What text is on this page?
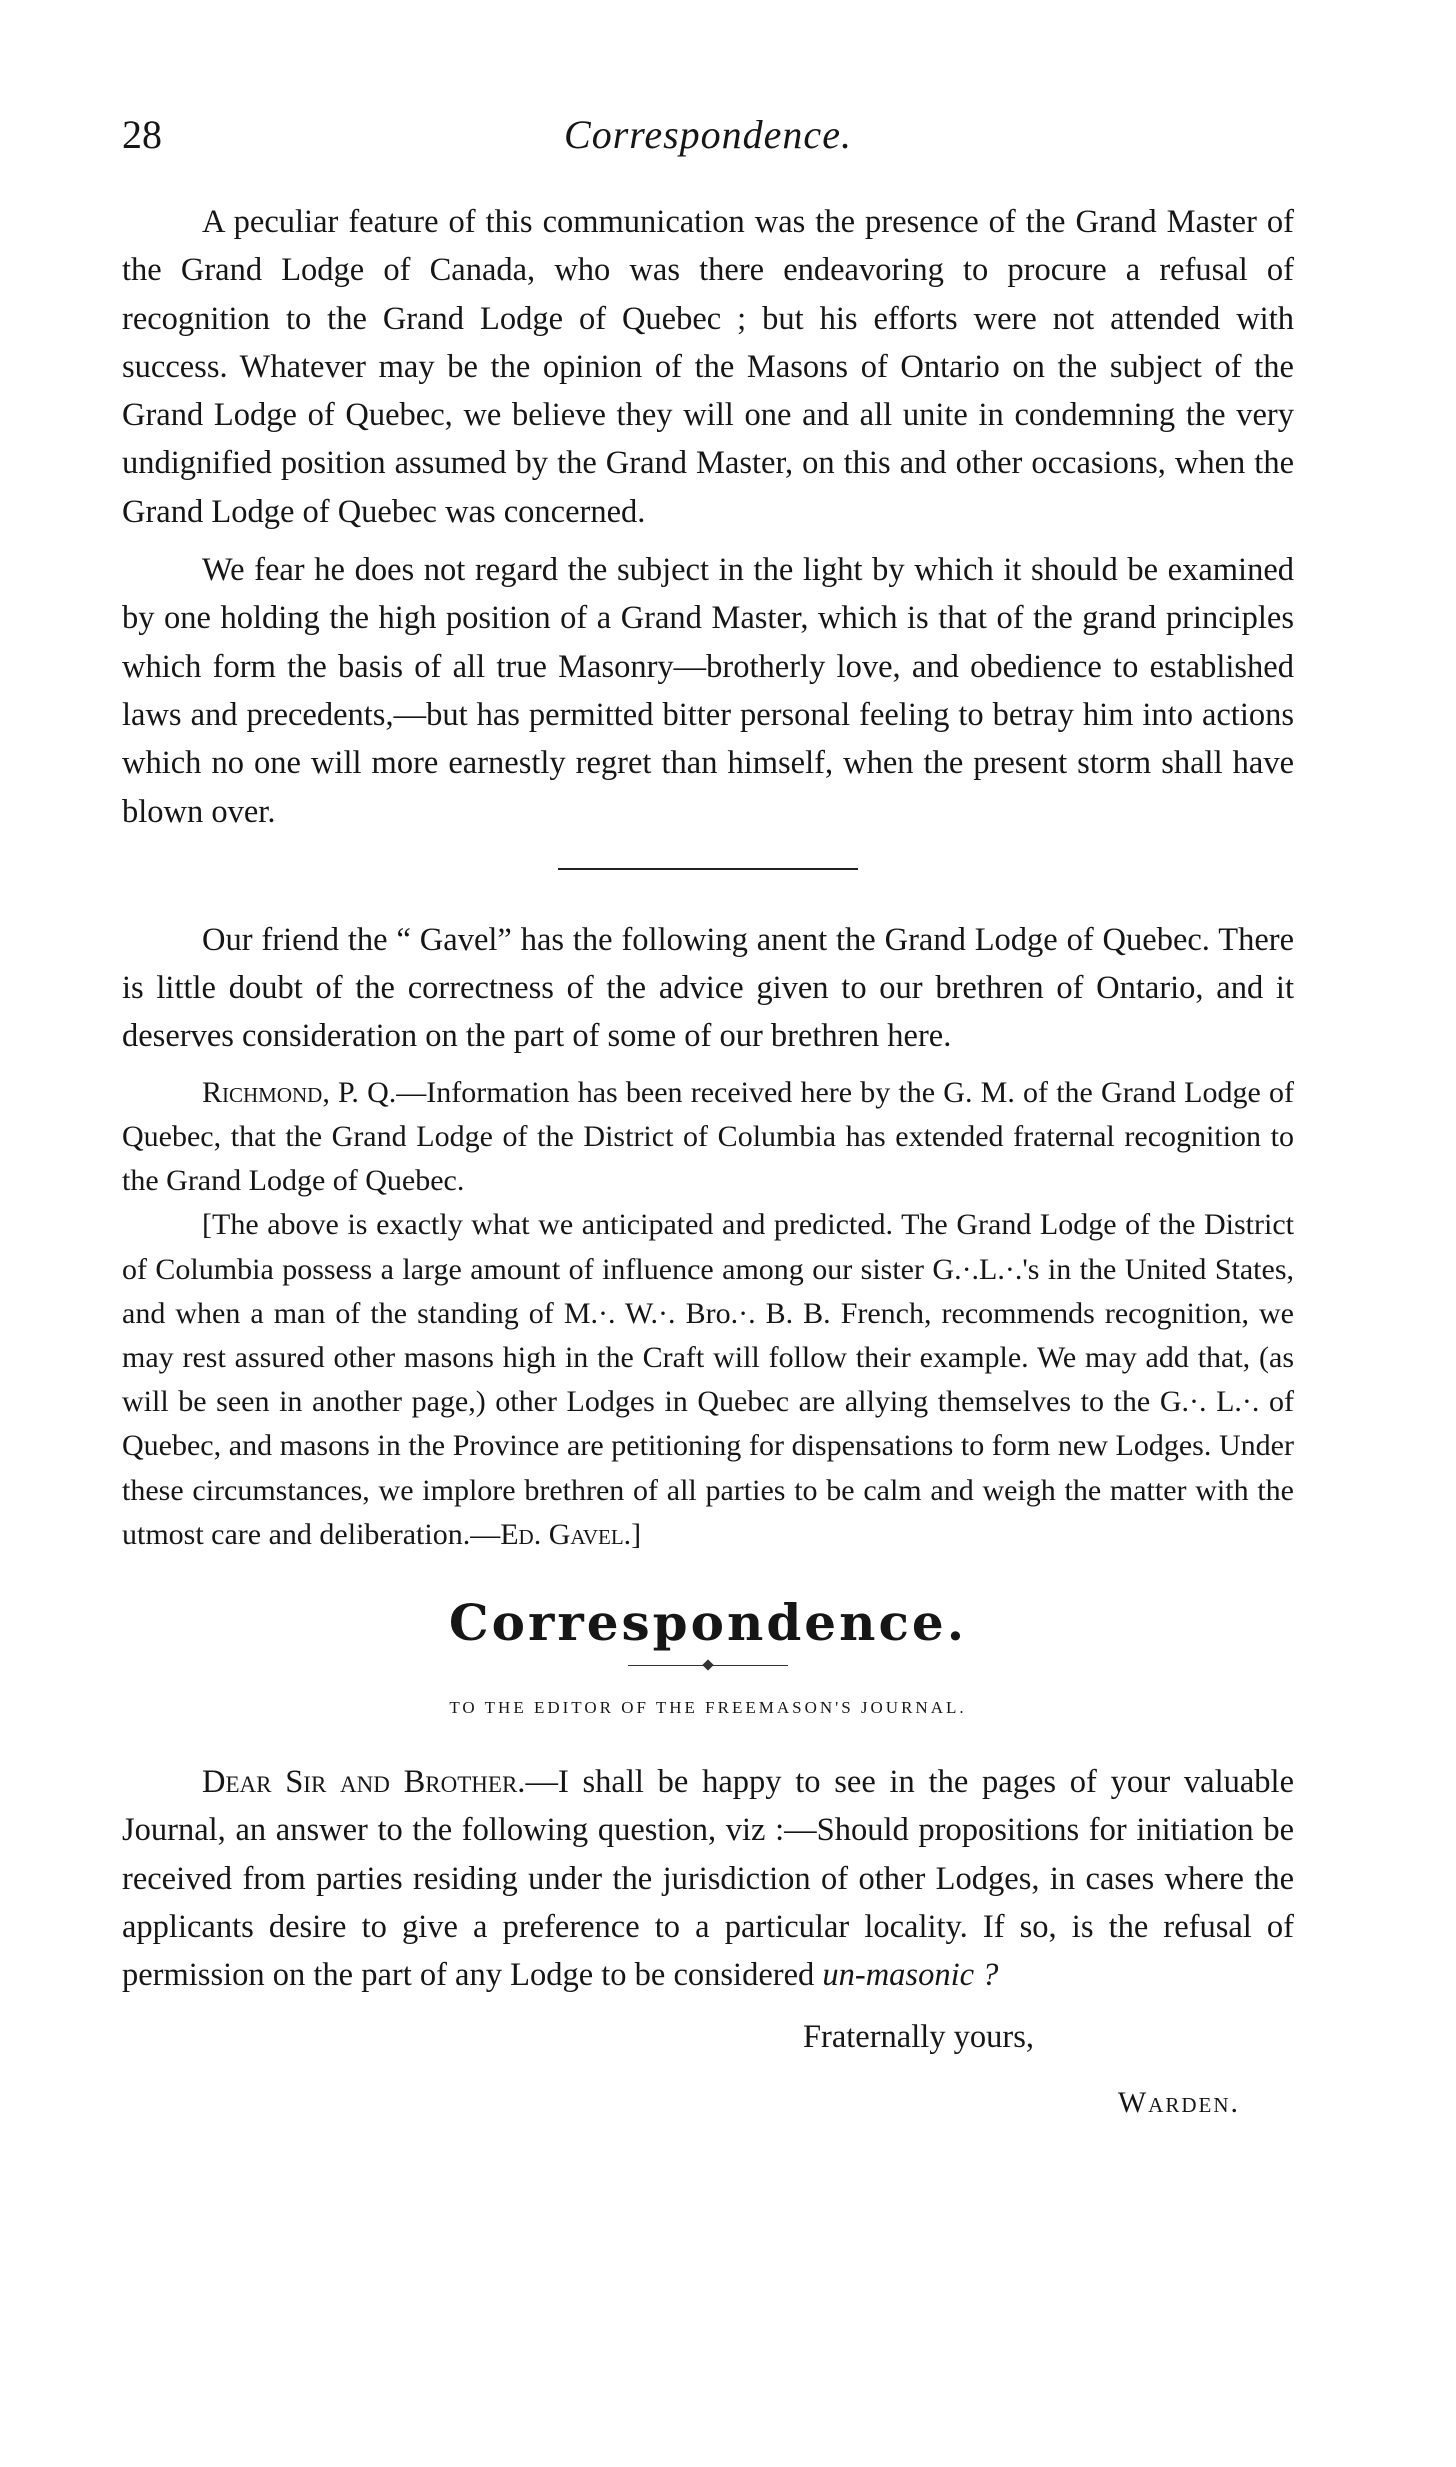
28	Correspondence.

A peculiar feature of this communication was the presence of the Grand Master of the Grand Lodge of Canada, who was there endeavoring to procure a refusal of recognition to the Grand Lodge of Quebec ; but his efforts were not attended with success. Whatever may be the opinion of the Masons of Ontario on the subject of the Grand Lodge of Quebec, we believe they will one and all unite in condemning the very undignified position assumed by the Grand Master, on this and other occasions, when the Grand Lodge of Quebec was concerned.

We fear he does not regard the subject in the light by which it should be examined by one holding the high position of a Grand Master, which is that of the grand principles which form the basis of all true Masonry—brotherly love, and obedience to established laws and precedents,—but has permitted bitter personal feeling to betray him into actions which no one will more earnestly regret than himself, when the present storm shall have blown over.

Our friend the “ Gavel” has the following anent the Grand Lodge of Quebec. There is little doubt of the correctness of the advice given to our brethren of Ontario, and it deserves consideration on the part of some of our brethren here.

Richmond, P. Q.—Information has been received here by the G. M. of the Grand Lodge of Quebec, that the Grand Lodge of the District of Columbia has extended fraternal recognition to the Grand Lodge of Quebec.

[The above is exactly what we anticipated and predicted. The Grand Lodge of the District of Columbia possess a large amount of influence among our sister G.·.L.·.'s in the United States, and when a man of the standing of M.·. W.·. Bro.·. B. B. French, recommends recognition, we may rest assured other masons high in the Craft will follow their example. We may add that, (as will be seen in another page,) other Lodges in Quebec are allying themselves to the G.·. L.·. of Quebec, and masons in the Province are petitioning for dispensations to form new Lodges. Under these circumstances, we implore brethren of all parties to be calm and weigh the matter with the utmost care and deliberation.—Ed. Gavel.]

Correspondence.
TO THE EDITOR OF THE FREEMASON'S JOURNAL.

Dear Sir and Brother.—I shall be happy to see in the pages of your valuable Journal, an answer to the following question, viz :—Should propositions for initiation be received from parties residing under the jurisdiction of other Lodges, in cases where the applicants desire to give a preference to a particular locality. If so, is the refusal of permission on the part of any Lodge to be considered un-masonic ?

Fraternally yours,
Warden.
